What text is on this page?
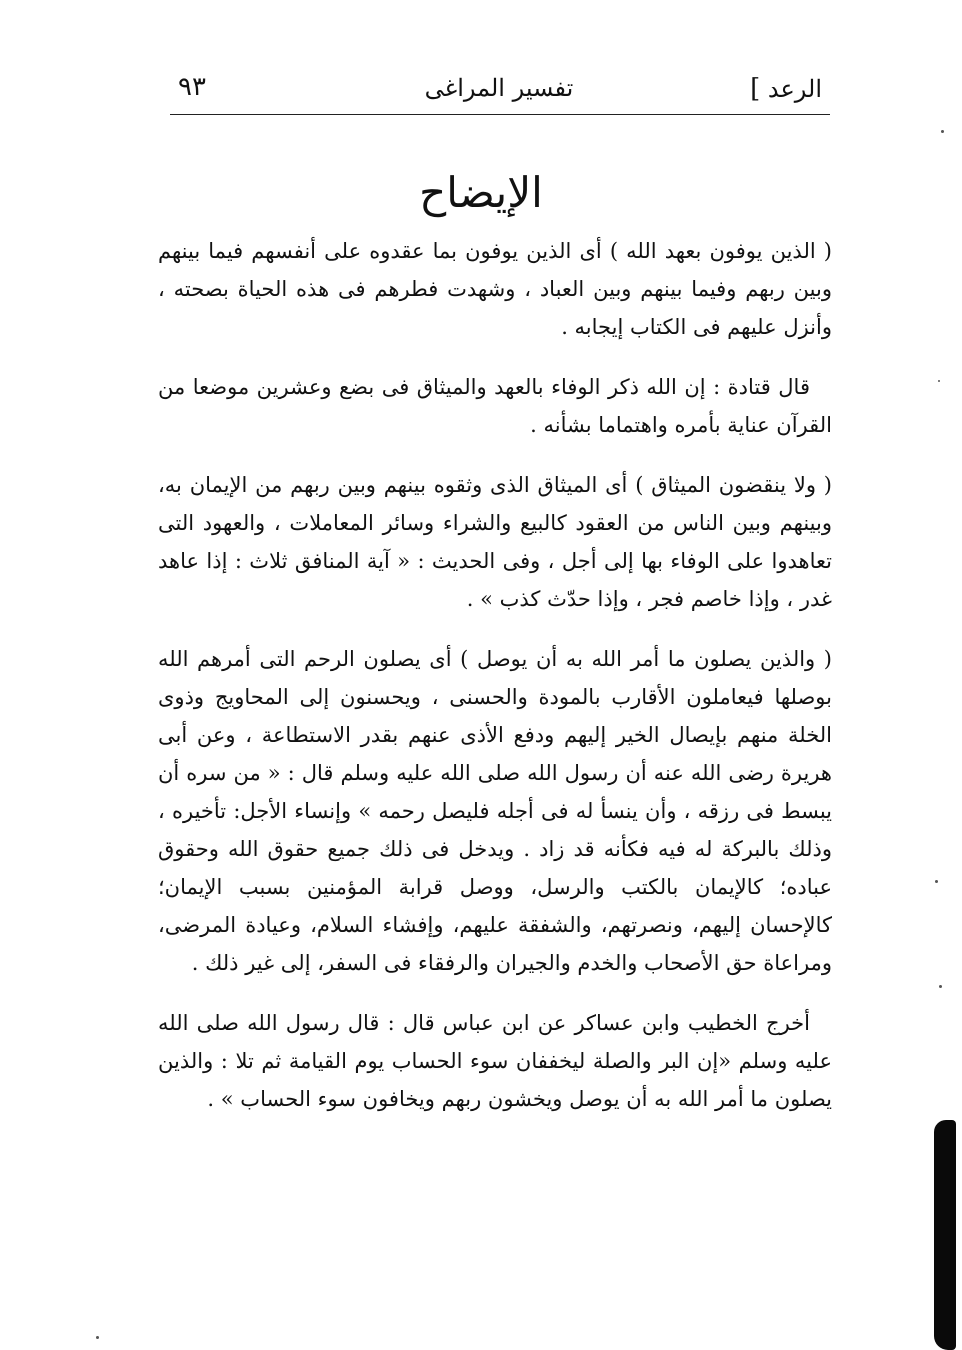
الرعد ]
تفسير المراغى
٩٣
الإيضاح

( الذين يوفون بعهد الله ) أى الذين يوفون بما عقدوه على أنفسهم فيما بينهم وبين ربهم وفيما بينهم وبين العباد ، وشهدت فطرهم فى هذه الحياة بصحته ، وأنزل عليهم فى الكتاب إيجابه .

قال قتادة : إن الله ذكر الوفاء بالعهد والميثاق فى بضع وعشرين موضعا من القرآن عناية بأمره واهتماما بشأنه .

( ولا ينقضون الميثاق ) أى الميثاق الذى وثقوه بينهم وبين ربهم من الإيمان به، وبينهم وبين الناس من العقود كالبيع والشراء وسائر المعاملات ، والعهود التى تعاهدوا على الوفاء بها إلى أجل ، وفى الحديث : « آية المنافق ثلاث : إذا عاهد غدر ، وإذا خاصم فجر ، وإذا حدّث كذب » .

( والذين يصلون ما أمر الله به أن يوصل ) أى يصلون الرحم التى أمرهم الله بوصلها فيعاملون الأقارب بالمودة والحسنى ، ويحسنون إلى المحاويج وذوى الخلة منهم بإيصال الخير إليهم ودفع الأذى عنهم بقدر الاستطاعة ، وعن أبى هريرة رضى الله عنه أن رسول الله صلى الله عليه وسلم قال : « من سره أن يبسط فى رزقه ، وأن ينسأ له فى أجله فليصل رحمه » وإنساء الأجل: تأخيره ، وذلك بالبركة له فيه فكأنه قد زاد . ويدخل فى ذلك جميع حقوق الله وحقوق عباده؛ كالإيمان بالكتب والرسل، ووصل قرابة المؤمنين بسبب الإيمان؛ كالإحسان إليهم، ونصرتهم، والشفقة عليهم، وإفشاء السلام، وعيادة المرضى، ومراعاة حق الأصحاب والخدم والجيران والرفقاء فى السفر، إلى غير ذلك .

أخرج الخطيب وابن عساكر عن ابن عباس قال : قال رسول الله صلى الله عليه وسلم «إن البر والصلة ليخففان سوء الحساب يوم القيامة ثم تلا : والذين يصلون ما أمر الله به أن يوصل ويخشون ربهم ويخافون سوء الحساب » .
